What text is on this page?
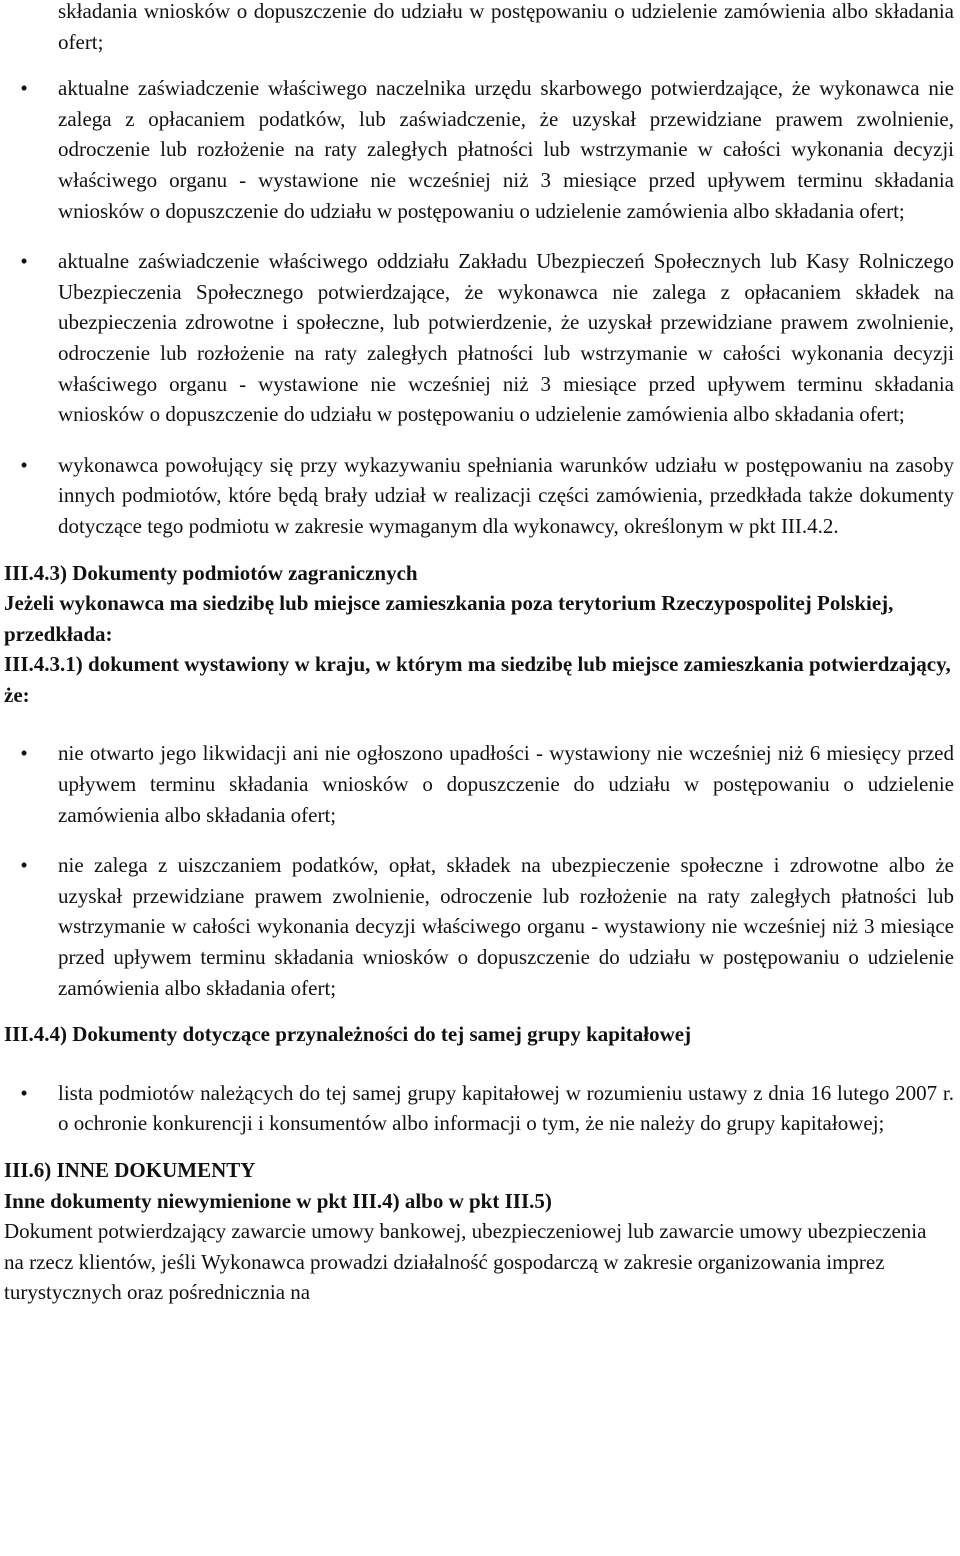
składania wniosków o dopuszczenie do udziału w postępowaniu o udzielenie zamówienia albo składania ofert;

•	aktualne zaświadczenie właściwego naczelnika urzędu skarbowego potwierdzające, że wykonawca nie zalega z opłacaniem podatków, lub zaświadczenie, że uzyskał przewidziane prawem zwolnienie, odroczenie lub rozłożenie na raty zaległych płatności lub wstrzymanie w całości wykonania decyzji właściwego organu - wystawione nie wcześniej niż 3 miesiące przed upływem terminu składania wniosków o dopuszczenie do udziału w postępowaniu o udzielenie zamówienia albo składania ofert;

•	aktualne zaświadczenie właściwego oddziału Zakładu Ubezpieczeń Społecznych lub Kasy Rolniczego Ubezpieczenia Społecznego potwierdzające, że wykonawca nie zalega z opłacaniem składek na ubezpieczenia zdrowotne i społeczne, lub potwierdzenie, że uzyskał przewidziane prawem zwolnienie, odroczenie lub rozłożenie na raty zaległych płatności lub wstrzymanie w całości wykonania decyzji właściwego organu - wystawione nie wcześniej niż 3 miesiące przed upływem terminu składania wniosków o dopuszczenie do udziału w postępowaniu o udzielenie zamówienia albo składania ofert;

•	wykonawca powołujący się przy wykazywaniu spełniania warunków udziału w postępowaniu na zasoby innych podmiotów, które będą brały udział w realizacji części zamówienia, przedkłada także dokumenty dotyczące tego podmiotu w zakresie wymaganym dla wykonawcy, określonym w pkt III.4.2.

III.4.3) Dokumenty podmiotów zagranicznych

Jeżeli wykonawca ma siedzibę lub miejsce zamieszkania poza terytorium Rzeczypospolitej Polskiej, przedkłada:

III.4.3.1) dokument wystawiony w kraju, w którym ma siedzibę lub miejsce zamieszkania potwierdzający, że:

•	nie otwarto jego likwidacji ani nie ogłoszono upadłości - wystawiony nie wcześniej niż 6 miesięcy przed upływem terminu składania wniosków o dopuszczenie do udziału w postępowaniu o udzielenie zamówienia albo składania ofert;

•	nie zalega z uiszczaniem podatków, opłat, składek na ubezpieczenie społeczne i zdrowotne albo że uzyskał przewidziane prawem zwolnienie, odroczenie lub rozłożenie na raty zaległych płatności lub wstrzymanie w całości wykonania decyzji właściwego organu - wystawiony nie wcześniej niż 3 miesiące przed upływem terminu składania wniosków o dopuszczenie do udziału w postępowaniu o udzielenie zamówienia albo składania ofert;

III.4.4) Dokumenty dotyczące przynależności do tej samej grupy kapitałowej

•	lista podmiotów należących do tej samej grupy kapitałowej w rozumieniu ustawy z dnia 16 lutego 2007 r. o ochronie konkurencji i konsumentów albo informacji o tym, że nie należy do grupy kapitałowej;

III.6) INNE DOKUMENTY

Inne dokumenty niewymienione w pkt III.4) albo w pkt III.5)

Dokument potwierdzający zawarcie umowy bankowej, ubezpieczeniowej lub zawarcie umowy ubezpieczenia na rzecz klientów, jeśli Wykonawca prowadzi działalność gospodarczą w zakresie organizowania imprez turystycznych oraz pośrednicznia na
